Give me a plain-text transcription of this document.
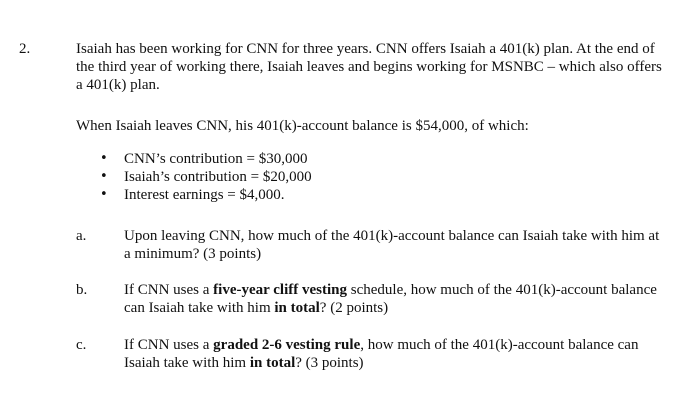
2.	Isaiah has been working for CNN for three years. CNN offers Isaiah a 401(k) plan. At the end of the third year of working there, Isaiah leaves and begins working for MSNBC – which also offers a 401(k) plan.
When Isaiah leaves CNN, his 401(k)-account balance is $54,000, of which:
• CNN’s contribution = $30,000
• Isaiah’s contribution = $20,000
• Interest earnings = $4,000.
a.	Upon leaving CNN, how much of the 401(k)-account balance can Isaiah take with him at a minimum? (3 points)
b. If CNN uses a five-year cliff vesting schedule, how much of the 401(k)-account balance can Isaiah take with him in total? (2 points)
c.	If CNN uses a graded 2-6 vesting rule, how much of the 401(k)-account balance can Isaiah take with him in total? (3 points)
